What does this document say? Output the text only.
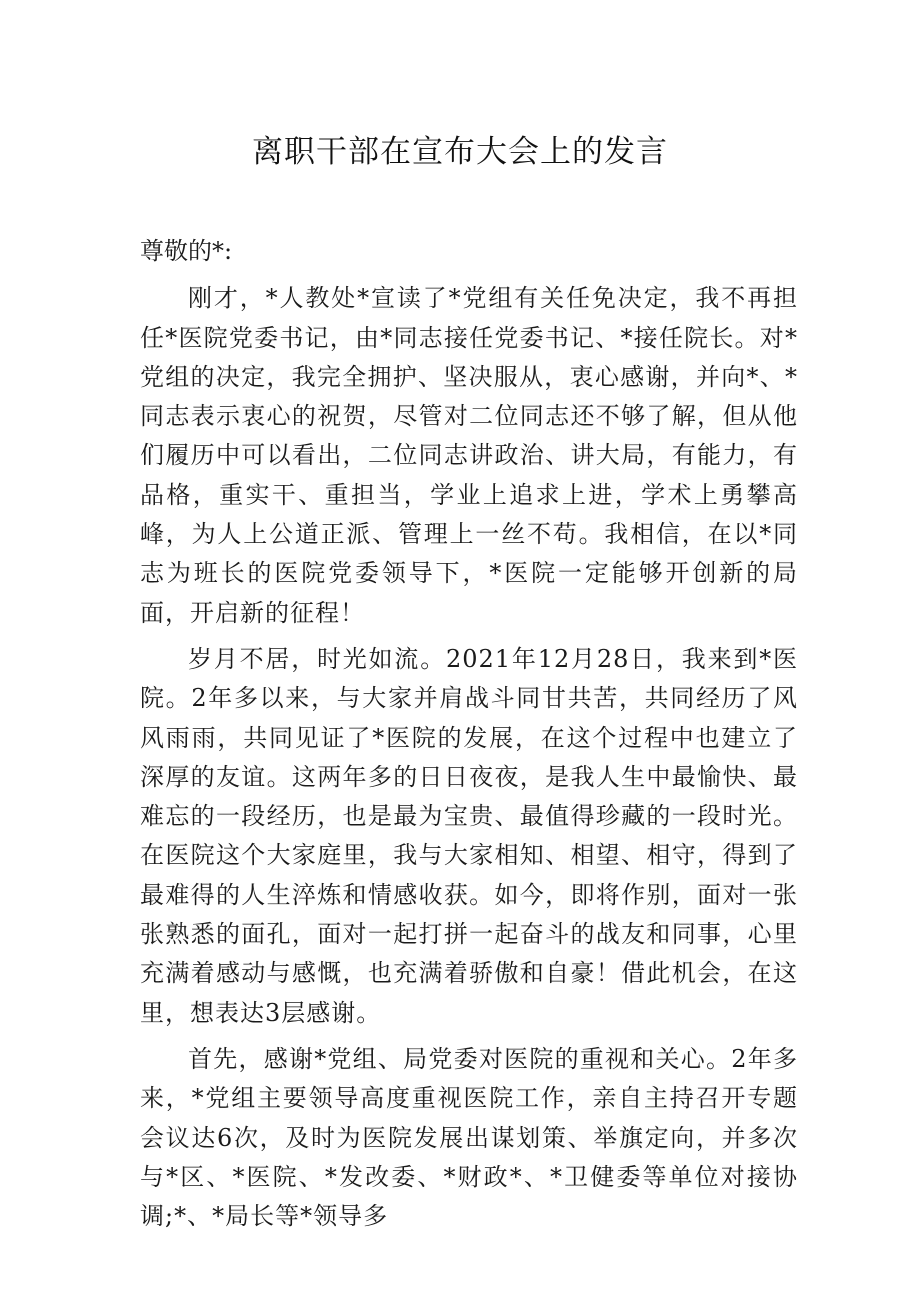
离职干部在宣布大会上的发言
尊敬的*:

刚才，*人教处*宣读了*党组有关任免决定，我不再担任*医院党委书记，由*同志接任党委书记、*接任院长。对*党组的决定，我完全拥护、坚决服从，衷心感谢，并向*、*同志表示衷心的祝贺，尽管对二位同志还不够了解，但从他们履历中可以看出，二位同志讲政治、讲大局，有能力，有品格，重实干、重担当，学业上追求上进，学术上勇攀高峰，为人上公道正派、管理上一丝不苟。我相信，在以*同志为班长的医院党委领导下，*医院一定能够开创新的局面，开启新的征程！

岁月不居，时光如流。2021年12月28日，我来到*医院。2年多以来，与大家并肩战斗同甘共苦，共同经历了风风雨雨，共同见证了*医院的发展，在这个过程中也建立了深厚的友谊。这两年多的日日夜夜，是我人生中最愉快、最难忘的一段经历，也是最为宝贵、最值得珍藏的一段时光。在医院这个大家庭里，我与大家相知、相望、相守，得到了最难得的人生淬炼和情感收获。如今，即将作别，面对一张张熟悉的面孔，面对一起打拼一起奋斗的战友和同事，心里充满着感动与感慨，也充满着骄傲和自豪！借此机会，在这里，想表达3层感谢。

首先，感谢*党组、局党委对医院的重视和关心。2年多来，*党组主要领导高度重视医院工作，亲自主持召开专题会议达6次，及时为医院发展出谋划策、举旗定向，并多次与*区、*医院、*发改委、*财政*、*卫健委等单位对接协调;*、*局长等*领导多
